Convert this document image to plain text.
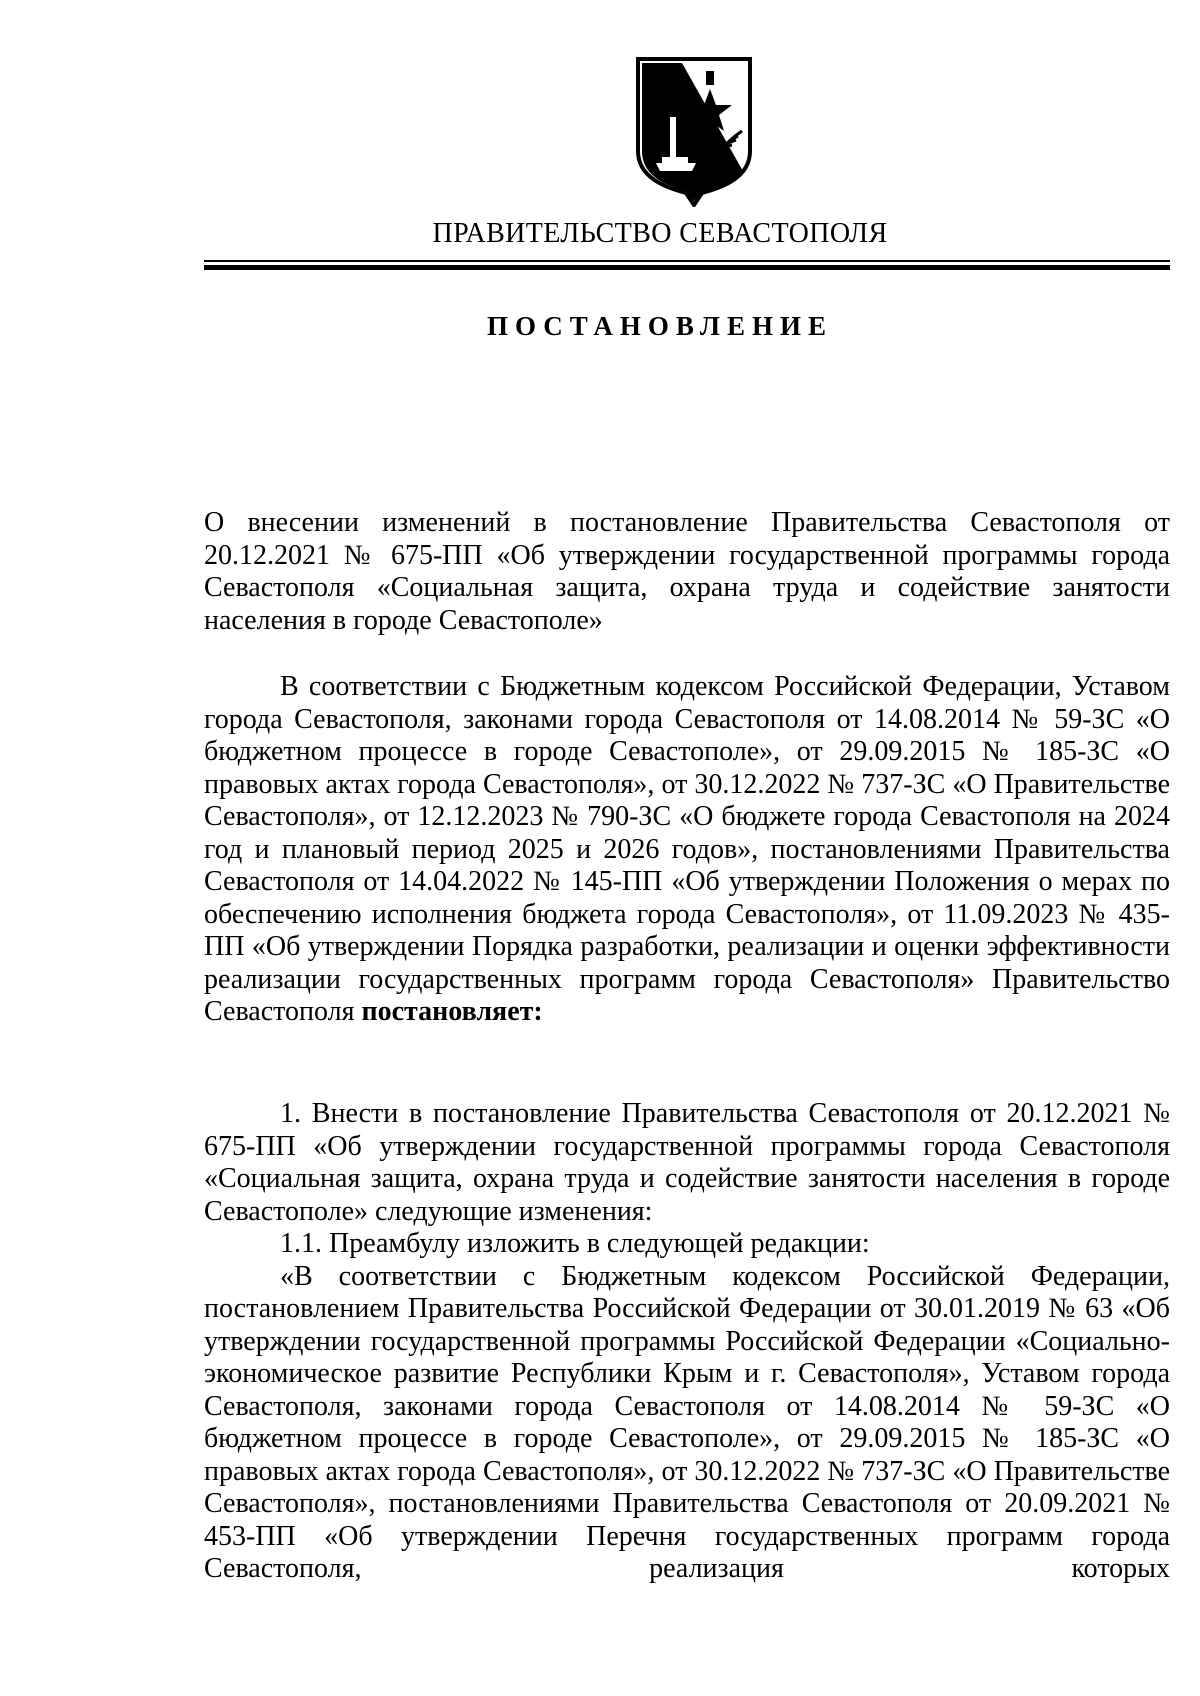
ПРАВИТЕЛЬСТВО СЕВАСТОПОЛЯ
ПОСТАНОВЛЕНИЕ

О внесении изменений в постановление Правительства Севастополя от 20.12.2021 № 675-ПП «Об утверждении государственной программы города Севастополя «Социальная защита, охрана труда и содействие занятости населения в городе Севастополе»

В соответствии с Бюджетным кодексом Российской Федерации, Уставом города Севастополя, законами города Севастополя от 14.08.2014 № 59-ЗС «О бюджетном процессе в городе Севастополе», от 29.09.2015 № 185-ЗС «О правовых актах города Севастополя», от 30.12.2022 № 737-ЗС «О Правительстве Севастополя», от 12.12.2023 № 790-ЗС «О бюджете города Севастополя на 2024 год и плановый период 2025 и 2026 годов», постановлениями Правительства Севастополя от 14.04.2022 № 145-ПП «Об утверждении Положения о мерах по обеспечению исполнения бюджета города Севастополя», от 11.09.2023 № 435-ПП «Об утверждении Порядка разработки, реализации и оценки эффективности реализации государственных программ города Севастополя» Правительство Севастополя постановляет:

1. Внести в постановление Правительства Севастополя от 20.12.2021 № 675-ПП «Об утверждении государственной программы города Севастополя «Социальная защита, охрана труда и содействие занятости населения в городе Севастополе» следующие изменения:

1.1. Преамбулу изложить в следующей редакции:

«В соответствии с Бюджетным кодексом Российской Федерации, постановлением Правительства Российской Федерации от 30.01.2019 № 63 «Об утверждении государственной программы Российской Федерации «Социально-экономическое развитие Республики Крым и г. Севастополя», Уставом города Севастополя, законами города Севастополя от 14.08.2014 № 59-ЗС «О бюджетном процессе в городе Севастополе», от 29.09.2015 № 185-ЗС «О правовых актах города Севастополя», от 30.12.2022 № 737-ЗС «О Правительстве Севастополя», постановлениями Правительства Севастополя от 20.09.2021 № 453-ПП «Об утверждении Перечня государственных программ города Севастополя, реализация которых
